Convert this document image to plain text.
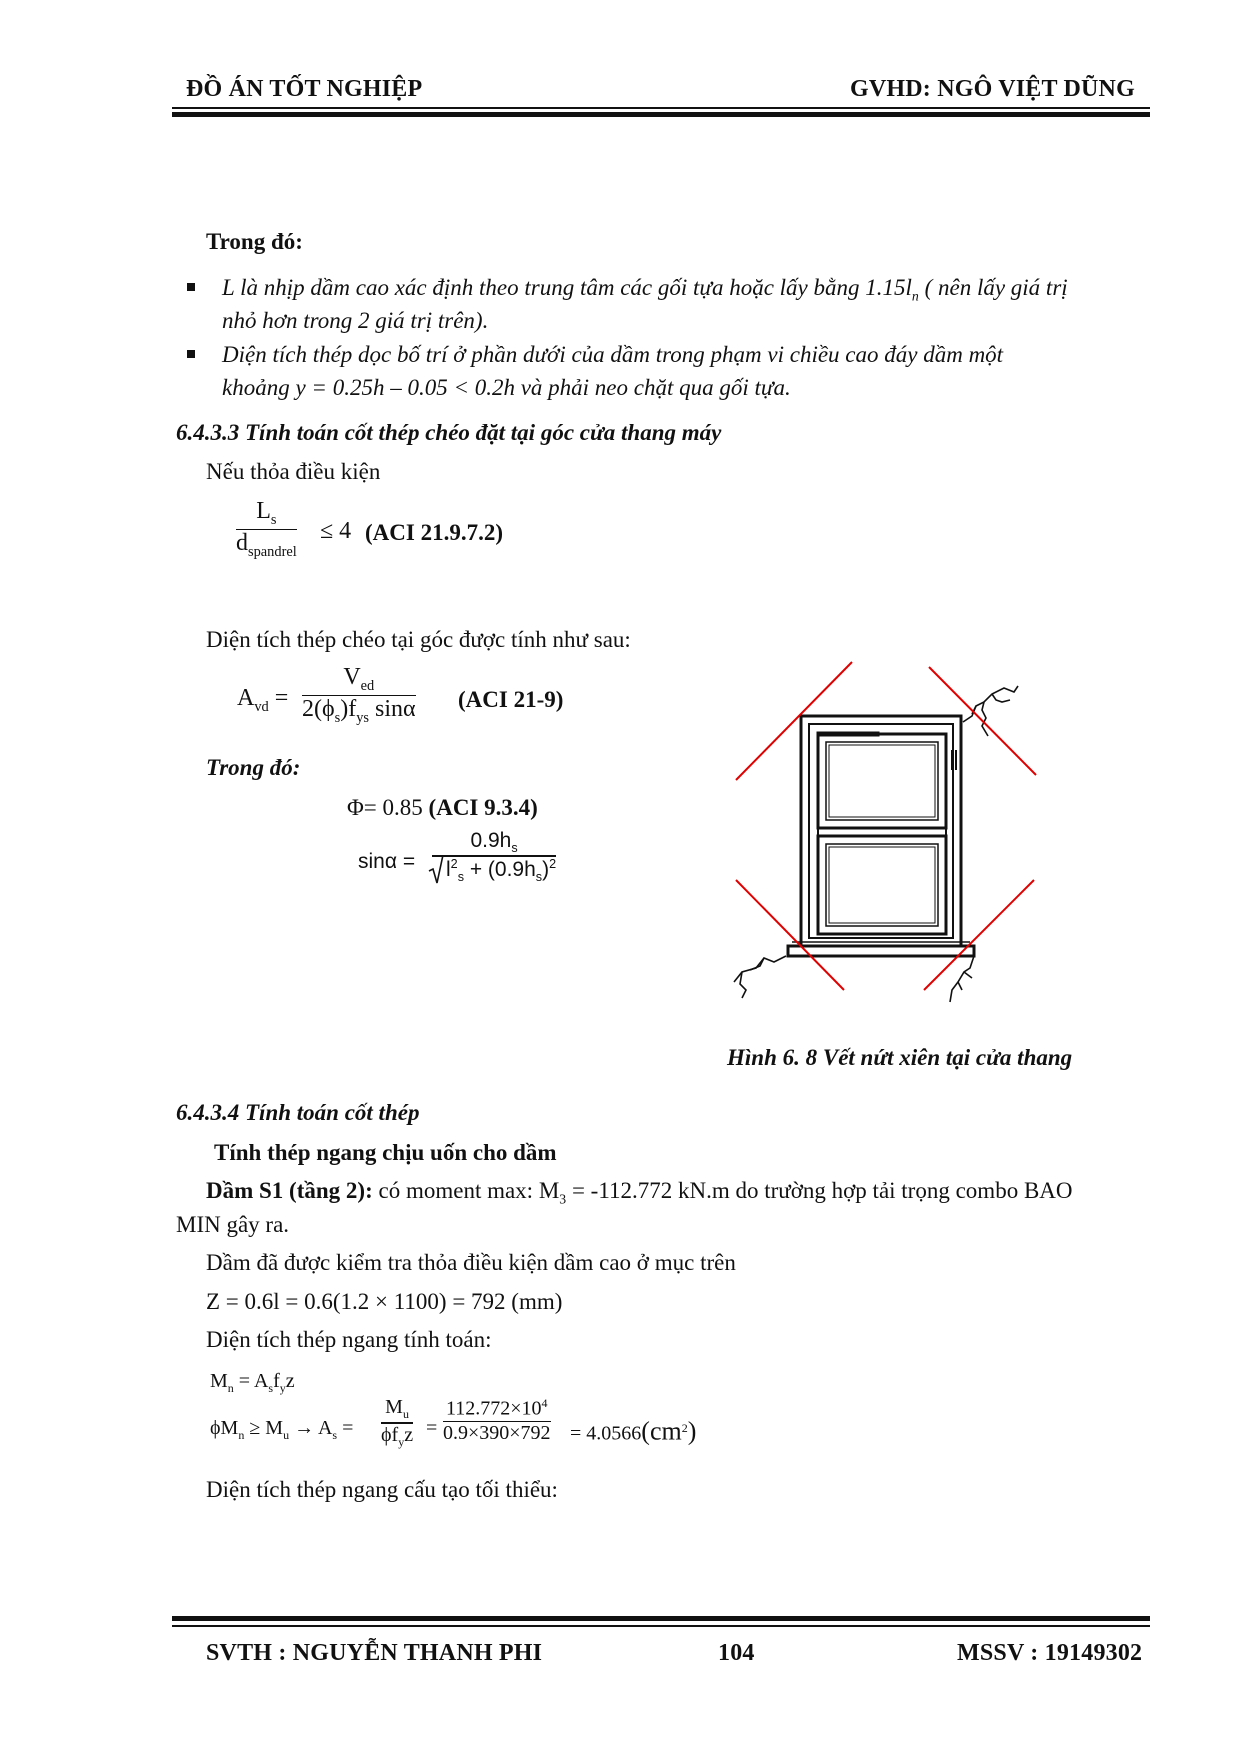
ĐỒ ÁN TỐT NGHIỆP	GVHD: NGÔ VIỆT DŨNG
Trong đó:
L là nhịp dầm cao xác định theo trung tâm các gối tựa hoặc lấy bằng $1.15l_n$ ( nên lấy giá trị
nhỏ hơn trong 2 giá trị trên).
Diện tích thép dọc bố trí ở phần dưới của dầm trong phạm vi chiều cao đáy dầm một
khoảng y = 0.25h – 0.05 < 0.2h và phải neo chặt qua gối tựa.
6.4.3.3 Tính toán cốt thép chéo đặt tại góc cửa thang máy
Nếu thỏa điều kiện
$L_s$
$d_{spandrel}$
≤ 4 (ACI 21.9.7.2)
Diện tích thép chéo tại góc được tính như sau:
$A_{vd}$ =
$V_{ed}$
$2(\phi_s)f_{ys}$ sinα (ACI 21-9)
Trong đó:
Φ= 0.85 (ACI 9.3.4)
sinα =
$0.9h_s$
$l^2_s + (0.9h_s)^2$
Hình 6. 8 Vết nứt xiên tại cửa thang
6.4.3.4 Tính toán cốt thép
Tính thép ngang chịu uốn cho dầm
Dầm S1 (tầng 2): có moment max: $M_3 = -112.772$ kN.m do trường hợp tải trọng combo BAO
MIN gây ra.
Dầm đã được kiểm tra thỏa điều kiện dầm cao ở mục trên
Z = 0.6l = 0.6(1.2 × 1100) = 792 (mm)
Diện tích thép ngang tính toán:
$M_n = A_sf_yz$
$\phi M_n \ge M_u \to A_s$ =
$M_u$
$\phi f_yz$ =
$112.772\times 10^4$
$0.9\times 390\times 792 = 4.0566(cm^2)$
Diện tích thép ngang cấu tạo tối thiểu:
SVTH : NGUYỄN THANH PHI	104	MSSV : 19149302
